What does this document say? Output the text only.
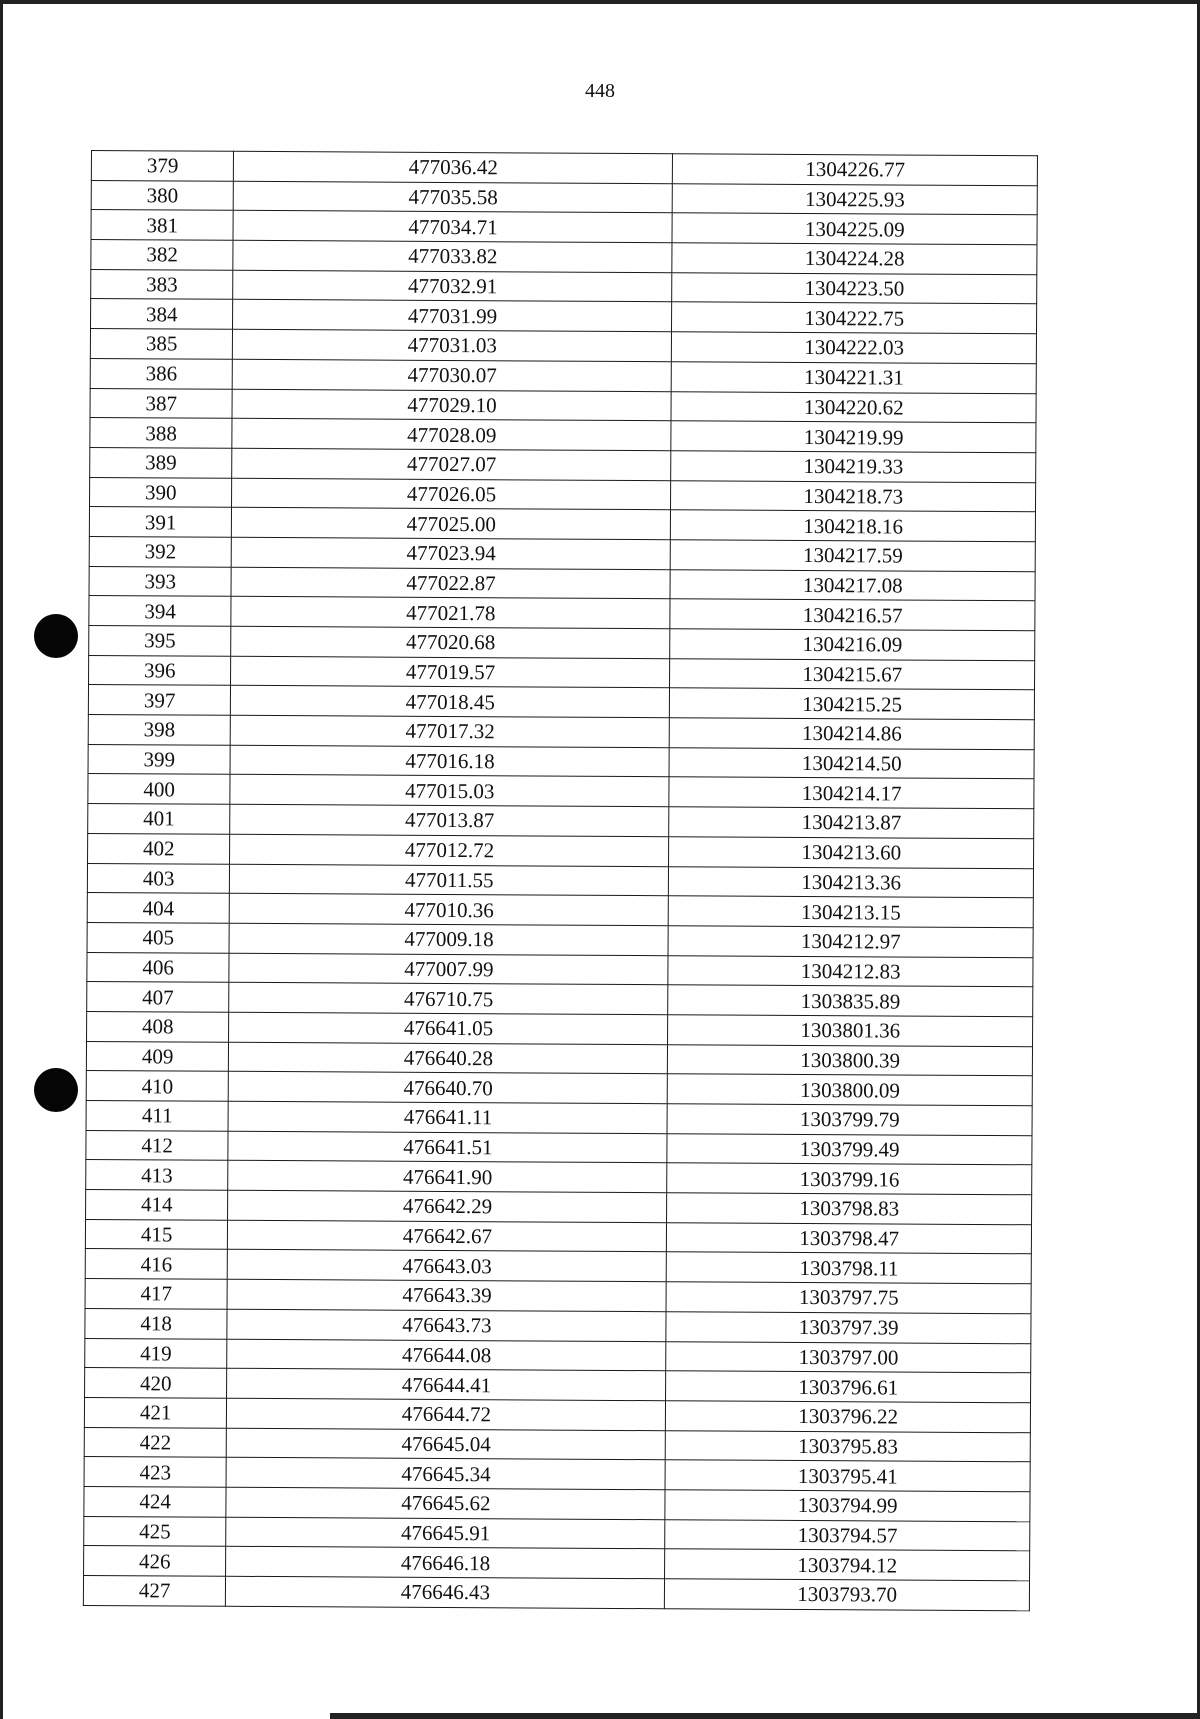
448
379	477036.42	1304226.77
380	477035.58	1304225.93
381	477034.71	1304225.09
382	477033.82	1304224.28
383	477032.91	1304223.50
384	477031.99	1304222.75
385	477031.03	1304222.03
386	477030.07	1304221.31
387	477029.10	1304220.62
388	477028.09	1304219.99
389	477027.07	1304219.33
390	477026.05	1304218.73
391	477025.00	1304218.16
392	477023.94	1304217.59
393	477022.87	1304217.08
394	477021.78	1304216.57
395	477020.68	1304216.09
396	477019.57	1304215.67
397	477018.45	1304215.25
398	477017.32	1304214.86
399	477016.18	1304214.50
400	477015.03	1304214.17
401	477013.87	1304213.87
402	477012.72	1304213.60
403	477011.55	1304213.36
404	477010.36	1304213.15
405	477009.18	1304212.97
406	477007.99	1304212.83
407	476710.75	1303835.89
408	476641.05	1303801.36
409	476640.28	1303800.39
410	476640.70	1303800.09
411	476641.11	1303799.79
412	476641.51	1303799.49
413	476641.90	1303799.16
414	476642.29	1303798.83
415	476642.67	1303798.47
416	476643.03	1303798.11
417	476643.39	1303797.75
418	476643.73	1303797.39
419	476644.08	1303797.00
420	476644.41	1303796.61
421	476644.72	1303796.22
422	476645.04	1303795.83
423	476645.34	1303795.41
424	476645.62	1303794.99
425	476645.91	1303794.57
426	476646.18	1303794.12
427	476646.43	1303793.70
